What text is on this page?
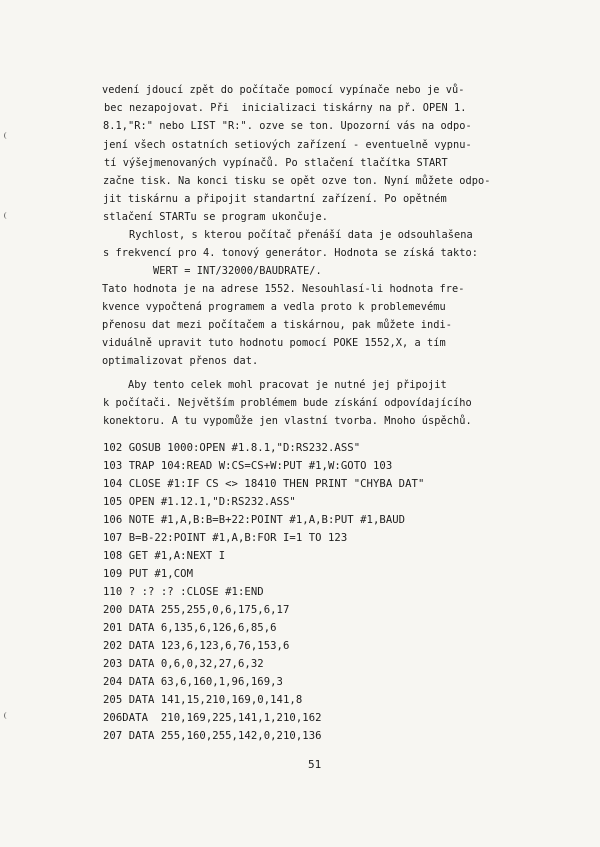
vedení jdoucí zpět do počítače pomocí vypínače nebo je vů-
bec nezapojovat. Při  inicializaci tiskárny na př. OPEN 1.
8.1,"R:" nebo LIST "R:". ozve se ton. Upozorní vás na odpo-
jení všech ostatních setiových zařízení - eventuelně vypnu-
tí výšejmenovaných vypínačů. Po stlačení tlačítka START
začne tisk. Na konci tisku se opět ozve ton. Nyní můžete odpo-
jit tiskárnu a připojit standartní zařízení. Po opětném
stlačení STARTu se program ukončuje.
Rychlost, s kterou počítač přenáší data je odsouhlašena
s frekvencí pro 4. tonový generátor. Hodnota se získá takto:
WERT = INT/32000/BAUDRATE/.
Tato hodnota je na adrese 1552. Nesouhlasí-li hodnota fre-
kvence vypočtená programem a vedla proto k problemevému
přenosu dat mezi počítačem a tiskárnou, pak můžete indi-
viduálně upravit tuto hodnotu pomocí POKE 1552,X, a tím
optimalizovat přenos dat.
Aby tento celek mohl pracovat je nutné jej připojit
k počítači. Největším problémem bude získání odpovídajícího
konektoru. A tu vypomůže jen vlastní tvorba. Mnoho úspěchů.
102 GOSUB 1000:OPEN #1.8.1,"D:RS232.ASS"
103 TRAP 104:READ W:CS=CS+W:PUT #1,W:GOTO 103
104 CLOSE #1:IF CS <> 18410 THEN PRINT "CHYBA DAT"
105 OPEN #1.12.1,"D:RS232.ASS"
106 NOTE #1,A,B:B=B+22:POINT #1,A,B:PUT #1,BAUD
107 B=B-22:POINT #1,A,B:FOR I=1 TO 123
108 GET #1,A:NEXT I
109 PUT #1,COM
110 ? :? :? :CLOSE #1:END
200 DATA 255,255,0,6,175,6,17
201 DATA 6,135,6,126,6,85,6
202 DATA 123,6,123,6,76,153,6
203 DATA 0,6,0,32,27,6,32
204 DATA 63,6,160,1,96,169,3
205 DATA 141,15,210,169,0,141,8
206DATA  210,169,225,141,1,210,162
207 DATA 255,160,255,142,0,210,136
51
